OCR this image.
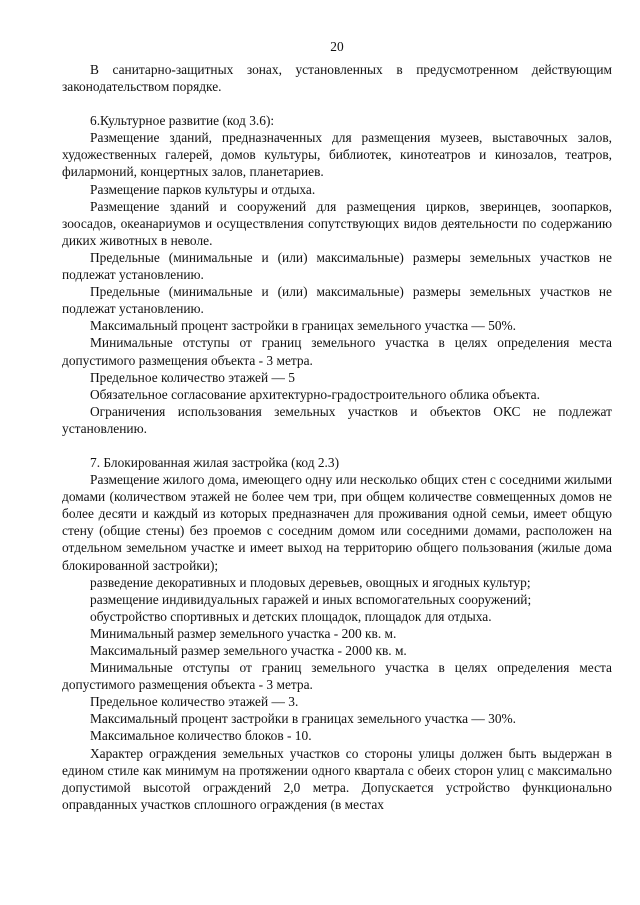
20

В санитарно-защитных зонах, установленных в предусмотренном действующим законодательством порядке.

6.Культурное развитие (код 3.6):

Размещение зданий, предназначенных для размещения музеев, выставочных залов, художественных галерей, домов культуры, библиотек, кинотеатров и кинозалов, театров, филармоний, концертных залов, планетариев.

Размещение парков культуры и отдыха.

Размещение зданий и сооружений для размещения цирков, зверинцев, зоопарков, зоосадов, океанариумов и осуществления сопутствующих видов деятельности по содержанию диких животных в неволе.

Предельные (минимальные и (или) максимальные) размеры земельных участков не подлежат установлению.

Предельные (минимальные и (или) максимальные) размеры земельных участков не подлежат установлению.

Максимальный процент застройки в границах земельного участка — 50%.

Минимальные отступы от границ земельного участка в целях определения места допустимого размещения объекта - 3 метра.

Предельное количество этажей — 5

Обязательное согласование архитектурно-градостроительного облика объекта.

Ограничения использования земельных участков и объектов ОКС не подлежат установлению.

7. Блокированная жилая застройка (код 2.3)

Размещение жилого дома, имеющего одну или несколько общих стен с соседними жилыми домами (количеством этажей не более чем три, при общем количестве совмещенных домов не более десяти и каждый из которых предназначен для проживания одной семьи, имеет общую стену (общие стены) без проемов с соседним домом или соседними домами, расположен на отдельном земельном участке и имеет выход на территорию общего пользования (жилые дома блокированной застройки);

разведение декоративных и плодовых деревьев, овощных и ягодных культур;

размещение индивидуальных гаражей и иных вспомогательных сооружений;

обустройство спортивных и детских площадок, площадок для отдыха.

Минимальный размер земельного участка - 200 кв. м.

Максимальный размер земельного участка - 2000 кв. м.

Минимальные отступы от границ земельного участка в целях определения места допустимого размещения объекта - 3 метра.

Предельное количество этажей — 3.

Максимальный процент застройки в границах земельного участка — 30%.

Максимальное количество блоков - 10.

Характер ограждения земельных участков со стороны улицы должен быть выдержан в едином стиле как минимум на протяжении одного квартала с обеих сторон улиц с максимально допустимой высотой ограждений 2,0 метра. Допускается устройство функционально оправданных участков сплошного ограждения (в местах
